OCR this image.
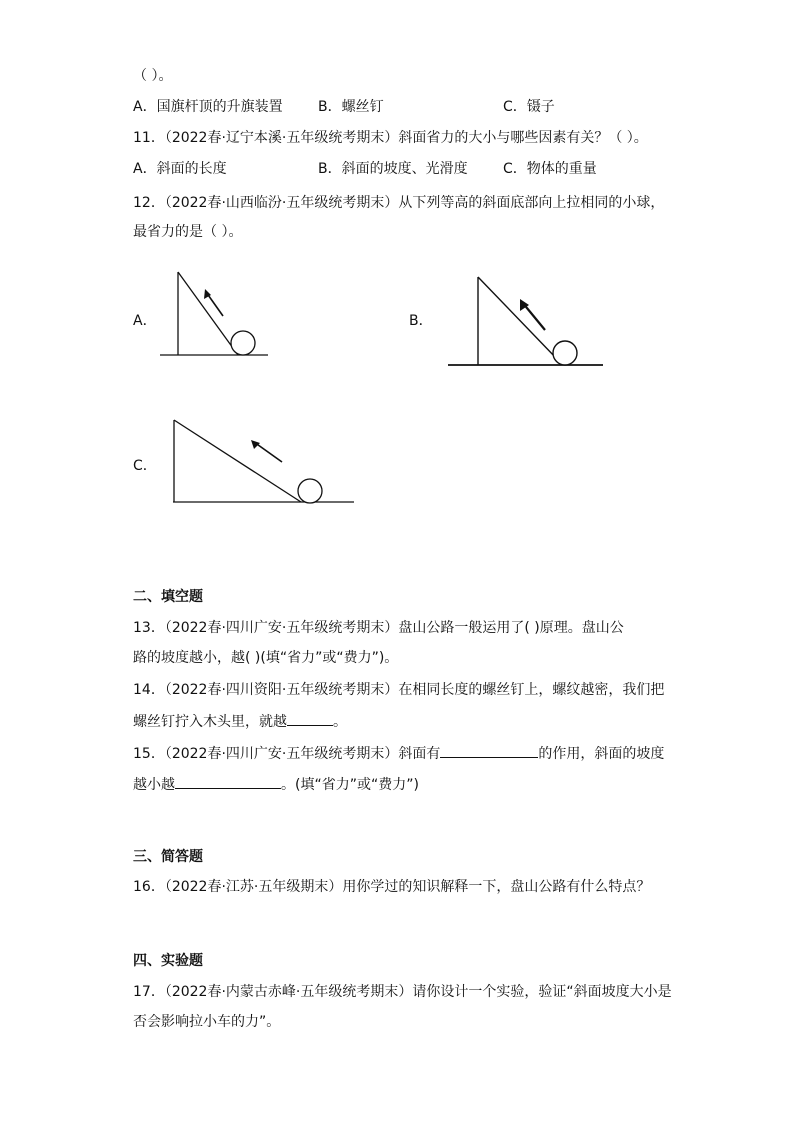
（ ）。
A．国旗杆顶的升旗装置	B．螺丝钉	C．镊子
11．（2022春·辽宁本溪·五年级统考期末）斜面省力的大小与哪些因素有关？（ ）。
A．斜面的长度	B．斜面的坡度、光滑度	C．物体的重量
12．（2022春·山西临汾·五年级统考期末）从下列等高的斜面底部向上拉相同的小球，
最省力的是（ ）。
A．	B．
C．
二、填空题
13．（2022春·四川广安·五年级统考期末）盘山公路一般运用了( )原理。盘山公
路的坡度越小，越( )(填“省力”或“费力”)。
14．（2022春·四川资阳·五年级统考期末）在相同长度的螺丝钉上，螺纹越密，我们把
螺丝钉拧入木头里，就越	。
15．（2022春·四川广安·五年级统考期末）斜面有	的作用，斜面的坡度
越小越	。(填“省力”或“费力”)
三、简答题
16．（2022春·江苏·五年级期末）用你学过的知识解释一下，盘山公路有什么特点？
四、实验题
17．（2022春·内蒙古赤峰·五年级统考期末）请你设计一个实验，验证“斜面坡度大小是
否会影响拉小车的力”。
